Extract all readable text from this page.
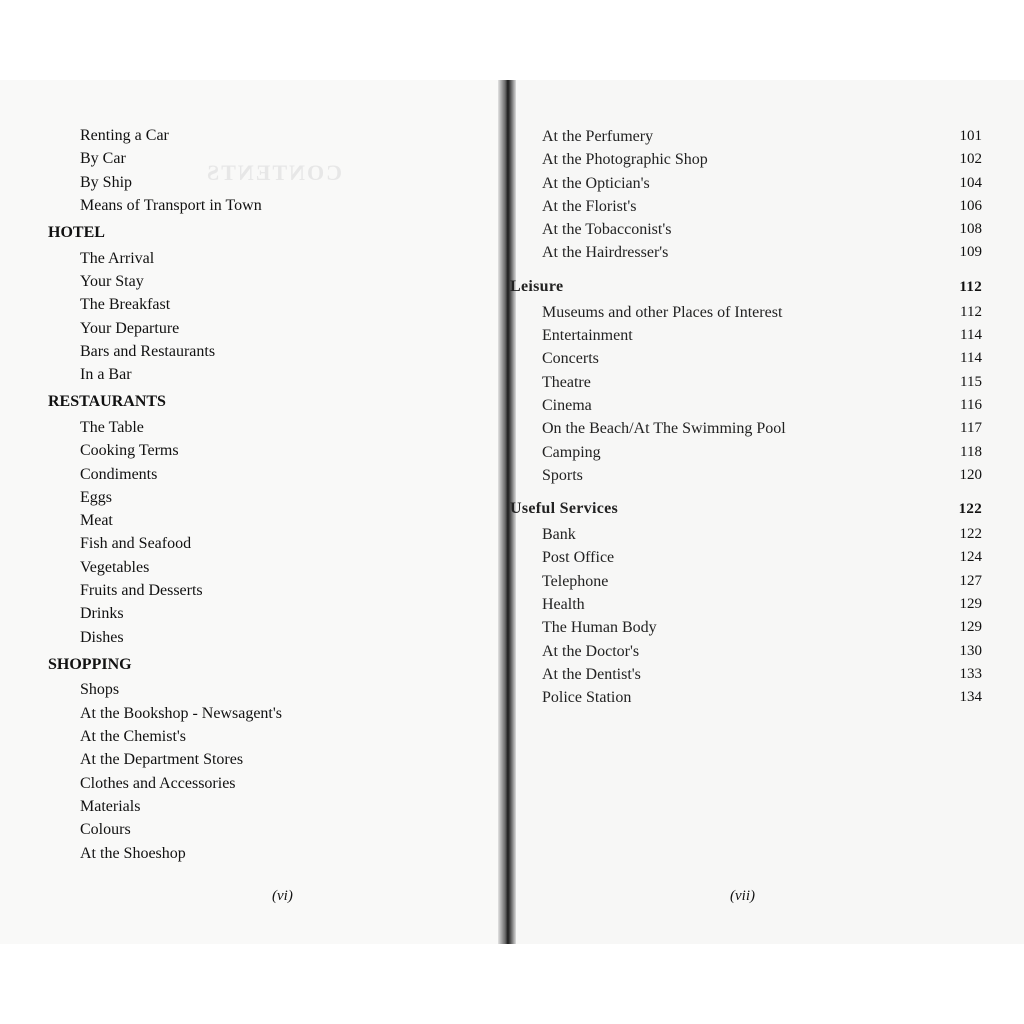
CONTENTS
Renting a Car
By Car
By Ship
Means of Transport in Town
HOTEL
The Arrival
Your Stay
The Breakfast
Your Departure
Bars and Restaurants
In a Bar
RESTAURANTS
The Table
Cooking Terms
Condiments
Eggs
Meat
Fish and Seafood
Vegetables
Fruits and Desserts
Drinks
Dishes
SHOPPING
Shops
At the Bookshop - Newsagent's
At the Chemist's
At the Department Stores
Clothes and Accessories
Materials
Colours
At the Shoeshop
At the Perfumery	101
At the Photographic Shop	102
At the Optician's	104
At the Florist's	106
At the Tobacconist's	108
At the Hairdresser's	109
Leisure	112
Museums and other Places of Interest	112
Entertainment	114
Concerts	114
Theatre	115
Cinema	116
On the Beach/At The Swimming Pool	117
Camping	118
Sports	120
Useful Services	122
Bank	122
Post Office	124
Telephone	127
Health	129
The Human Body	129
At the Doctor's	130
At the Dentist's	133
Police Station	134
(vi)	(vii)
